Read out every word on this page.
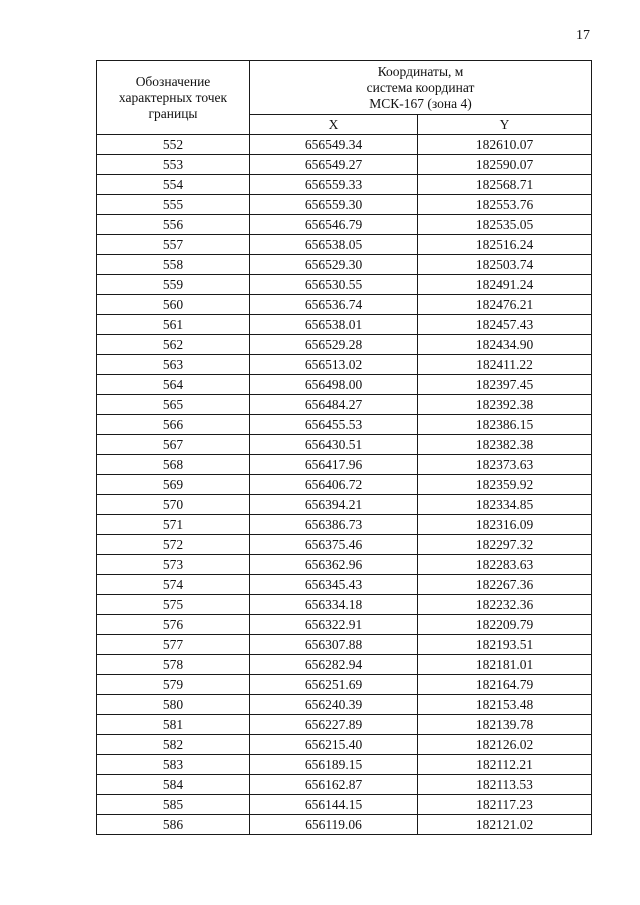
17
Обозначение
характерных точек
границы	Координаты, м
система координат
МСК-167 (зона 4)	

	X	Y
552	656549.34	182610.07
553	656549.27	182590.07
554	656559.33	182568.71
555	656559.30	182553.76
556	656546.79	182535.05
557	656538.05	182516.24
558	656529.30	182503.74
559	656530.55	182491.24
560	656536.74	182476.21
561	656538.01	182457.43
562	656529.28	182434.90
563	656513.02	182411.22
564	656498.00	182397.45
565	656484.27	182392.38
566	656455.53	182386.15
567	656430.51	182382.38
568	656417.96	182373.63
569	656406.72	182359.92
570	656394.21	182334.85
571	656386.73	182316.09
572	656375.46	182297.32
573	656362.96	182283.63
574	656345.43	182267.36
575	656334.18	182232.36
576	656322.91	182209.79
577	656307.88	182193.51
578	656282.94	182181.01
579	656251.69	182164.79
580	656240.39	182153.48
581	656227.89	182139.78
582	656215.40	182126.02
583	656189.15	182112.21
584	656162.87	182113.53
585	656144.15	182117.23
586	656119.06	182121.02
